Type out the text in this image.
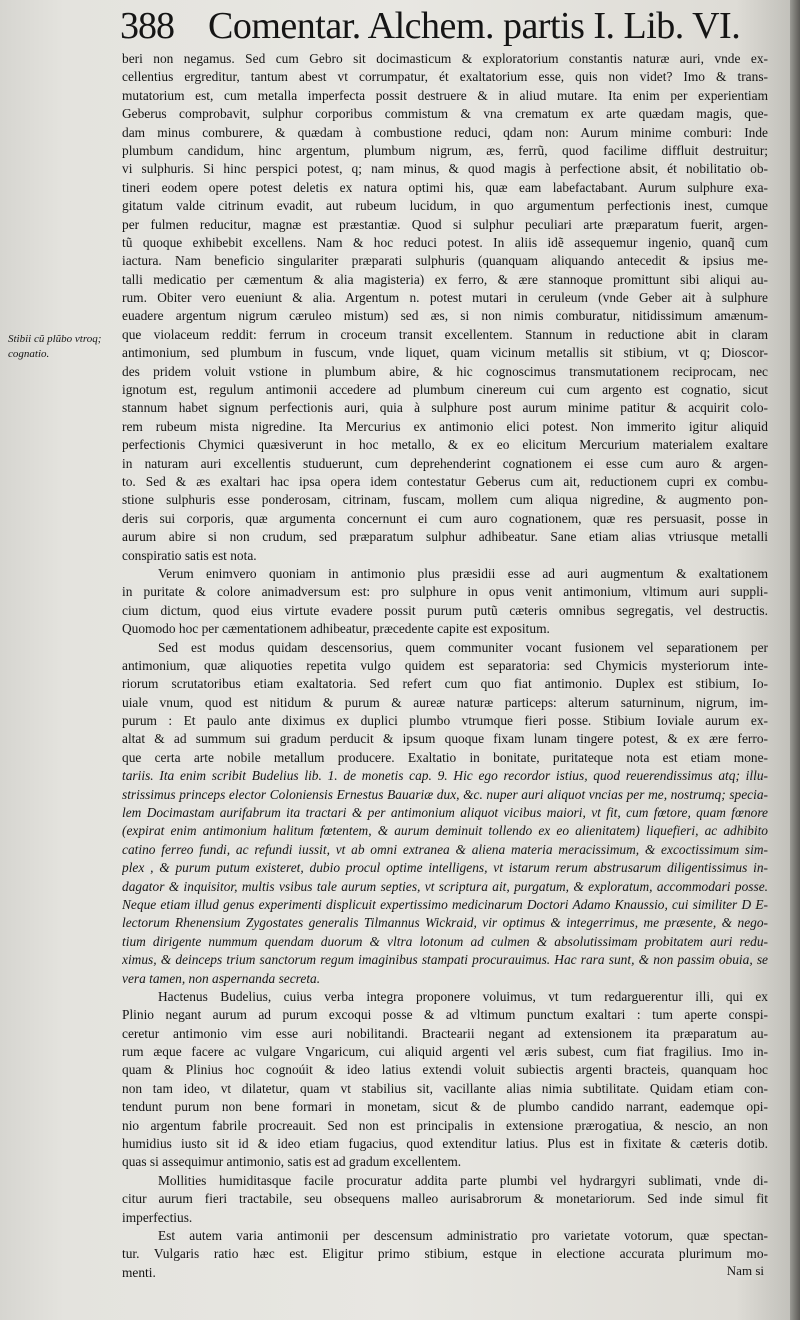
388 Comentar. Alchem. partis I. Lib. VI.
Stibii cũ plũbo vtroq; cognatio.
beri non negamus. Sed cum Gebro sit docimasticum & exploratorium constantis naturæ auri, vnde ex-
cellentius ergreditur, tantum abest vt corrumpatur, ét exaltatorium esse, quis non videt? Imo & trans-
mutatorium est, cum metalla imperfecta possit destruere & in aliud mutare. Ita enim per experientiam
Geberus comprobavit, sulphur corporibus commistum & vna crematum ex arte quædam magis, que-
dam minus comburere, & quædam à combustione reduci, qdam non: Aurum minime comburi: Inde
plumbum candidum, hinc argentum, plumbum nigrum, æs, ferrũ, quod facilime diffluit destruitur;
vi sulphuris. Si hinc perspici potest, q; nam minus, & quod magis à perfectione absit, ét nobilitatio ob-
tineri eodem opere potest deletis ex natura optimi his, quæ eam labefactabant. Aurum sulphure exa-
gitatum valde citrinum evadit, aut rubeum lucidum, in quo argumentum perfectionis inest, cumque
per fulmen reducitur, magnæ est præstantiæ. Quod si sulphur peculiari arte præparatum fuerit, argen-
tũ quoque exhibebit excellens. Nam & hoc reduci potest. In aliis idẽ assequemur ingenio, quanq̃ cum
iactura. Nam beneficio singulariter præparati sulphuris (quanquam aliquando antecedit & ipsius me-
talli medicatio per cæmentum & alia magisteria) ex ferro, & ære stannoque promittunt sibi aliqui au-
rum. Obiter vero eueniunt & alia. Argentum n. potest mutari in ceruleum (vnde Geber ait à sulphure
euadere argentum nigrum cæruleo mistum) sed æs, si non nimis comburatur, nitidissimum amænum-
que violaceum reddit: ferrum in croceum transit excellentem. Stannum in reductione abit in claram
antimonium, sed plumbum in fuscum, vnde liquet, quam vicinum metallis sit stibium, vt q; Dioscor-
des pridem voluit vstione in plumbum abire, & hic cognoscimus transmutationem reciprocam, nec
ignotum est, regulum antimonii accedere ad plumbum cinereum cui cum argento est cognatio, sicut
stannum habet signum perfectionis auri, quia à sulphure post aurum minime patitur & acquirit colo-
rem rubeum mista nigredine. Ita Mercurius ex antimonio elici potest. Non immerito igitur aliquid
perfectionis Chymici quæsiverunt in hoc metallo, & ex eo elicitum Mercurium materialem exaltare
in naturam auri excellentis studuerunt, cum deprehenderint cognationem ei esse cum auro & argen-
to. Sed & æs exaltari hac ipsa opera idem contestatur Geberus cum ait, reductionem cupri ex combu-
stione sulphuris esse ponderosam, citrinam, fuscam, mollem cum aliqua nigredine, & augmento pon-
deris sui corporis, quæ argumenta concernunt ei cum auro cognationem, quæ res persuasit, posse in
aurum abire si non crudum, sed præparatum sulphur adhibeatur. Sane etiam alias vtriusque metalli
conspiratio satis est nota.
Verum enimvero quoniam in antimonio plus præsidii esse ad auri augmentum & exaltationem
in puritate & colore animadversum est: pro sulphure in opus venit antimonium, vltimum auri suppli-
cium dictum, quod eius virtute evadere possit purum putũ cæteris omnibus segregatis, vel destructis.
Quomodo hoc per cæmentationem adhibeatur, præcedente capite est expositum.
Sed est modus quidam descensorius, quem communiter vocant fusionem vel separationem per
antimonium, quæ aliquoties repetita vulgo quidem est separatoria: sed Chymicis mysteriorum inte-
riorum scrutatoribus etiam exaltatoria. Sed refert cum quo fiat antimonio. Duplex est stibium, Io-
uiale vnum, quod est nitidum & purum & aureæ naturæ particeps: alterum saturninum, nigrum, im-
purum : Et paulo ante diximus ex duplici plumbo vtrumque fieri posse. Stibium Ioviale aurum ex-
altat & ad summum sui gradum perducit & ipsum quoque fixam lunam tingere potest, & ex ære ferro-
que certa arte nobile metallum producere. Exaltatio in bonitate, puritateque nota est etiam mone-
tariis. Ita enim scribit Budelius lib. 1. de monetis cap. 9. Hic ego recordor istius, quod reuerendissimus atq; illu-
strissimus princeps elector Coloniensis Ernestus Bauariæ dux, &c. nuper auri aliquot vncias per me, nostrumq; specia-
lem Docimastam aurifabrum ita tractari & per antimonium aliquot vicibus maiori, vt fit, cum fœtore, quam fœnore
(expirat enim antimonium halitum fœtentem, & aurum deminuit tollendo ex eo alienitatem) liquefieri, ac adhibito
catino ferreo fundi, ac refundi iussit, vt ab omni extranea & aliena materia meracissimum, & excoctissimum sim-
plex , & purum putum existeret, dubio procul optime intelligens, vt istarum rerum abstrusarum diligentissimus in-
dagator & inquisitor, multis vsibus tale aurum septies, vt scriptura ait, purgatum, & exploratum, accommodari posse.
Neque etiam illud genus experimenti displicuit expertissimo medicinarum Doctori Adamo Knaussio, cui similiter D E-
lectorum Rhenensium Zygostates generalis Tilmannus Wickraid, vir optimus & integerrimus, me præsente, & nego-
tium dirigente nummum quendam duorum & vltra lotonum ad culmen & absolutissimam probitatem auri redu-
ximus, & deinceps trium sanctorum regum imaginibus stampati procurauimus. Hac rara sunt, & non passim obuia, se
vera tamen, non aspernanda secreta.
Hactenus Budelius, cuius verba integra proponere voluimus, vt tum redarguerentur illi, qui ex
Plinio negant aurum ad purum excoqui posse & ad vltimum punctum exaltari : tum aperte conspi-
ceretur antimonio vim esse auri nobilitandi. Bractearii negant ad extensionem ita præparatum au-
rum æque facere ac vulgare Vngaricum, cui aliquid argenti vel æris subest, cum fiat fragilius. Imo in-
quam & Plinius hoc cognoúit & ideo latius extendi voluit subiectis argenti bracteis, quanquam hoc
non tam ideo, vt dilatetur, quam vt stabilius sit, vacillante alias nimia subtilitate. Quidam etiam con-
tendunt purum non bene formari in monetam, sicut & de plumbo candido narrant, eademque opi-
nio argentum fabrile procreauit. Sed non est principalis in extensione prærogatiua, & nescio, an non
humidius iusto sit id & ideo etiam fugacius, quod extenditur latius. Plus est in fixitate & cæteris dotib.
quas si assequimur antimonio, satis est ad gradum excellentem.
Mollities humiditasque facile procuratur addita parte plumbi vel hydrargyri sublimati, vnde di-
citur aurum fieri tractabile, seu obsequens malleo aurisabrorum & monetariorum. Sed inde simul fit
imperfectius.
Est autem varia antimonii per descensum administratio pro varietate votorum, quæ spectan-
tur. Vulgaris ratio hæc est. Eligitur primo stibium, estque in electione accurata plurimum mo-
menti.	Nam si
